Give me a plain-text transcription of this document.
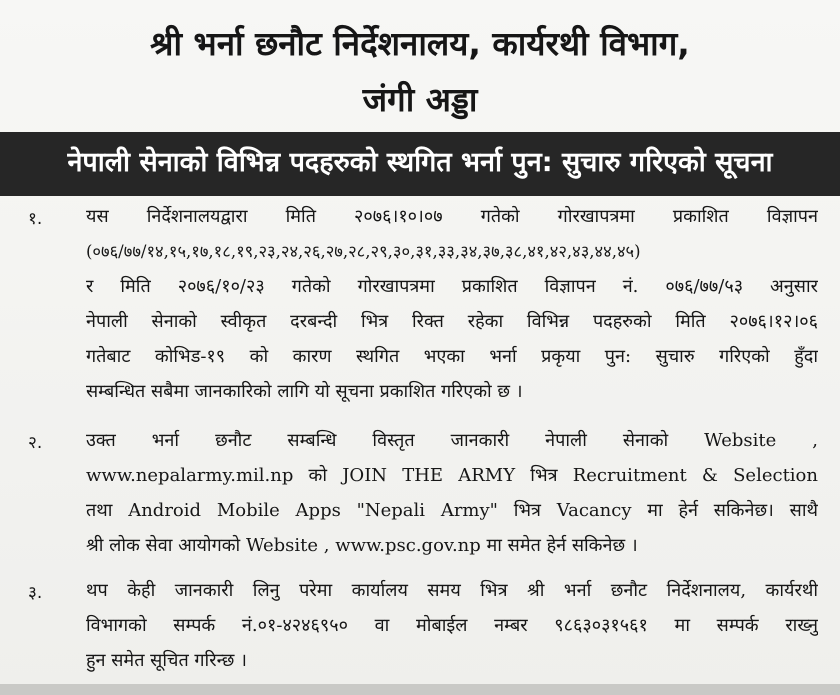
श्री भर्ना छनौट निर्देशनालय, कार्यरथी विभाग,
जंगी अड्डा
नेपाली सेनाको विभिन्न पदहरुको स्थगित भर्ना पुन: सुचारु गरिएको सूचना
१. यस निर्देशनालयद्वारा मिति २०७६।१०।०७ गतेको गोरखापत्रमा प्रकाशित विज्ञापन
(०७६/७७/१४,१५,१७,१८,१९,२३,२४,२६,२७,२८,२९,३०,३१,३३,३४,३७,३८,४१,४२,४३,४४,४५)
र मिति २०७६/१०/२३ गतेको गोरखापत्रमा प्रकाशित विज्ञापन नं. ०७६/७७/५३ अनुसार
नेपाली सेनाको स्वीकृत दरबन्दी भित्र रिक्त रहेका विभिन्न पदहरुको मिति २०७६।१२।०६
गतेबाट कोभिड-१९ को कारण स्थगित भएका भर्ना प्रकृया पुन: सुचारु गरिएको हुँदा
सम्बन्धित सबैमा जानकारिको लागि यो सूचना प्रकाशित गरिएको छ ।
२. उक्त भर्ना छनौट सम्बन्धि विस्तृत जानकारी नेपाली सेनाको Website ,
www.nepalarmy.mil.np को JOIN THE ARMY भित्र Recruitment & Selection
तथा Android Mobile Apps "Nepali Army" भित्र Vacancy मा हेर्न सकिनेछ। साथै
श्री लोक सेवा आयोगको Website , www.psc.gov.np मा समेत हेर्न सकिनेछ ।
३. थप केही जानकारी लिनु परेमा कार्यालय समय भित्र श्री भर्ना छनौट निर्देशनालय, कार्यरथी
विभागको सम्पर्क नं.०१-४२४६९५० वा मोबाईल नम्बर ९८६३०३१५६१ मा सम्पर्क राख्नु
हुन समेत सूचित गरिन्छ ।
